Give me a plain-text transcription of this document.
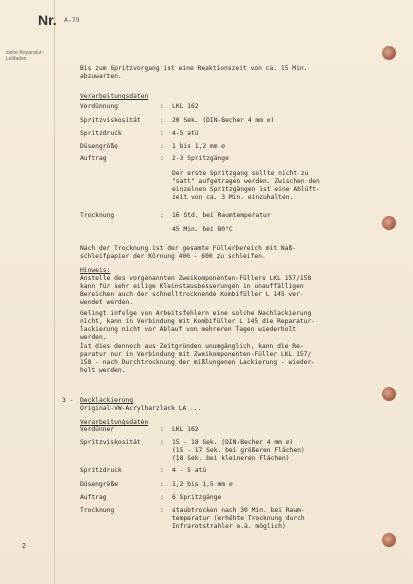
Nr. A-75
siehe Reparatur-Leitfaden
Bis zum Spritzvorgang ist eine Reaktionszeit von ca. 15 Min.
abzuwarten.
Verarbeitungsdaten
Verdünnung	: LKL 162
Spritzviskosität	: 20 Sek. (DIN-Becher 4 mm ∅)
Spritzdruck	: 4-5 atü
Düsengröße	: 1 bis 1,2 mm ∅
Auftrag	: 2-3 Spritzgänge
Der erste Spritzgang sollte nicht zu
"satt" aufgetragen werden. Zwischen den
einzelnen Spritzgängen ist eine Ablüft-
zeit von ca. 3 Min. einzuhalten.
Trocknung	: 16 Std. bei Raumtemperatur
45 Min. bei 80°C
Nach der Trocknung ist der gesamte Füllerbereich mit Naß-
schleifpapier der Körnung 400 - 600 zu schleifen.
Hinweis:
Anstelle des vorgenannten Zweikomponenten-Füllers LKL 157/158
kann für sehr eilige Kleinstausbesserungen in unauffälligen
Bereichen auch der schnelltrocknende Kombifüller L 145 ver-
wendet werden.
Gelingt infolge von Arbeitsfehlern eine solche Nachlackierung
nicht, kann in Verbindung mit Kombifüller L 145 die Reparatur-
lackierung nicht vor Ablauf von mehreren Tagen wiederholt
werden.
Ist dies dennoch aus Zeitgründen unumgänglich, kann die Re-
paratur nur in Verbindung mit Zweikomponenten-Füller LKL 157/
158 - nach Durchtrocknung der mißlungenen Lackierung - wieder-
holt werden.
3 - Decklackierung
Original-VW-Acrylharzlack LA ...
Verarbeitungsdaten
Verdünner	: LKL 162
Spritzviskosität	: 15 - 18 Sek. (DIN-Becher 4 mm ∅)
(15 - 17 Sek. bei größeren Flächen)
(18 Sek. bei kleineren Flächen)
Spritzdruck	: 4 - 5 atü
Düsengröße	: 1,2 bis 1,5 mm ∅
Auftrag	: 6 Spritzgänge
Trocknung	: staubtrocken nach 30 Min. bei Raum-
temperatur (erhöhte Trocknung durch
Infrarotstrahler o.ä. möglich)
2
